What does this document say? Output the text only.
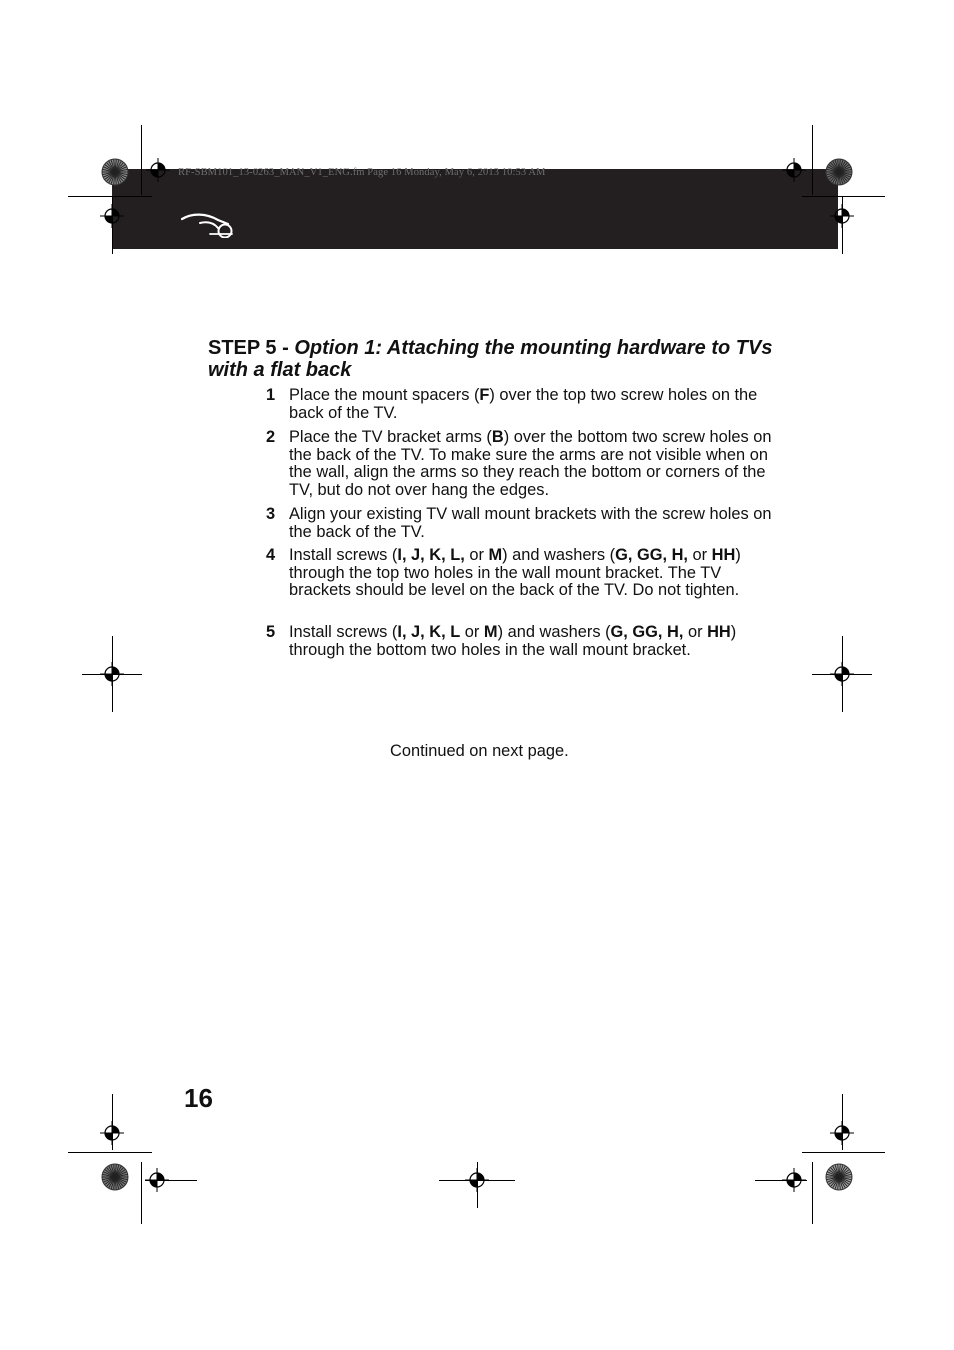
RF-SBM101_13-0263_MAN_V1_ENG.fm Page 16 Monday, May 6, 2013 10:53 AM
STEP 5 - Option 1: Attaching the mounting hardware to TVs with a flat back
1 Place the mount spacers (F) over the top two screw holes on the back of the TV.
2 Place the TV bracket arms (B) over the bottom two screw holes on the back of the TV. To make sure the arms are not visible when on the wall, align the arms so they reach the bottom or corners of the TV, but do not over hang the edges.
3 Align your existing TV wall mount brackets with the screw holes on the back of the TV.
4 Install screws (I, J, K, L, or M) and washers (G, GG, H, or HH) through the top two holes in the wall mount bracket. The TV brackets should be level on the back of the TV. Do not tighten.
5 Install screws (I, J, K, L or M) and washers (G, GG, H, or HH) through the bottom two holes in the wall mount bracket.
Continued on next page.
16
